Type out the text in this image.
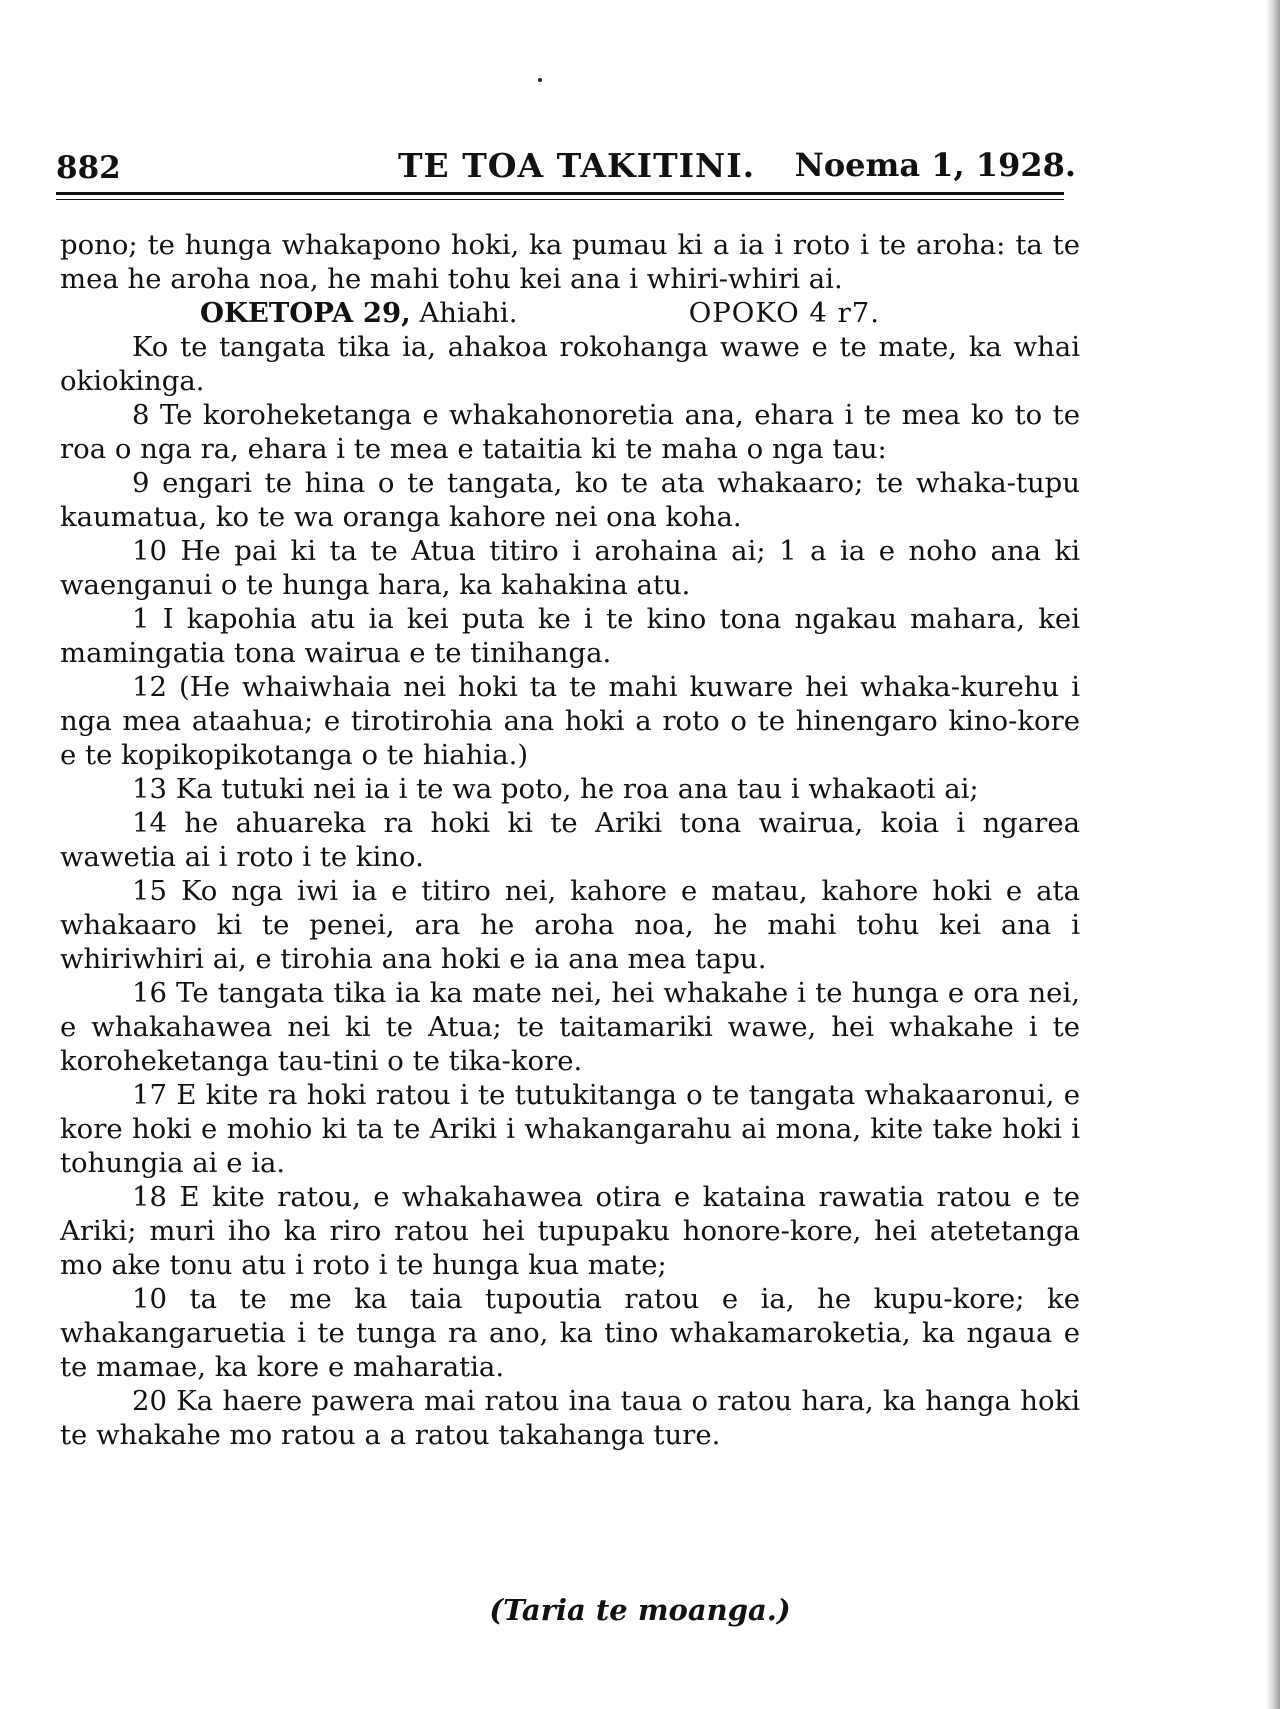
882	TE TOA TAKITINI. Noema 1, 1928.

pono; te hunga whakapono hoki, ka pumau ki a ia i roto i te aroha: ta te mea he aroha noa, he mahi tohu kei ana i whiri-whiri ai.

OKETOPA 29, Ahiahi.	OPOKO 4 r7.

Ko te tangata tika ia, ahakoa rokohanga wawe e te mate, ka whai okiokinga.

8 Te koroheketanga e whakahonoretia ana, ehara i te mea ko to te roa o nga ra, ehara i te mea e tataitia ki te maha o nga tau:

9 engari te hina o te tangata, ko te ata whakaaro; te whaka-tupu kaumatua, ko te wa oranga kahore nei ona koha.

10 He pai ki ta te Atua titiro i arohaina ai; 1 a ia e noho ana ki waenganui o te hunga hara, ka kahakina atu.

1 I kapohia atu ia kei puta ke i te kino tona ngakau mahara, kei mamingatia tona wairua e te tinihanga.

12 (He whaiwhaia nei hoki ta te mahi kuware hei whaka-kurehu i nga mea ataahua; e tirotirohia ana hoki a roto o te hinengaro kino-kore e te kopikopikotanga o te hiahia.)

13 Ka tutuki nei ia i te wa poto, he roa ana tau i whakaoti ai;

14 he ahuareka ra hoki ki te Ariki tona wairua, koia i ngarea wawetia ai i roto i te kino.

15 Ko nga iwi ia e titiro nei, kahore e matau, kahore hoki e ata whakaaro ki te penei, ara he aroha noa, he mahi tohu kei ana i whiriwhiri ai, e tirohia ana hoki e ia ana mea tapu.

16 Te tangata tika ia ka mate nei, hei whakahe i te hunga e ora nei, e whakahawea nei ki te Atua; te taitamariki wawe, hei whakahe i te koroheketanga tau-tini o te tika-kore.

17 E kite ra hoki ratou i te tutukitanga o te tangata whakaaronui, e kore hoki e mohio ki ta te Ariki i whakangarahu ai mona, kite take hoki i tohungia ai e ia.

18 E kite ratou, e whakahawea otira e kataina rawatia ratou e te Ariki; muri iho ka riro ratou hei tupupaku honore-kore, hei atetetanga mo ake tonu atu i roto i te hunga kua mate;

10 ta te me ka taia tupoutia ratou e ia, he kupu-kore; ke whakangaruetia i te tunga ra ano, ka tino whakamaroketia, ka ngaua e te mamae, ka kore e maharatia.

20 Ka haere pawera mai ratou ina taua o ratou hara, ka hanga hoki te whakahe mo ratou a a ratou takahanga ture.

(Taria te moanga.)
